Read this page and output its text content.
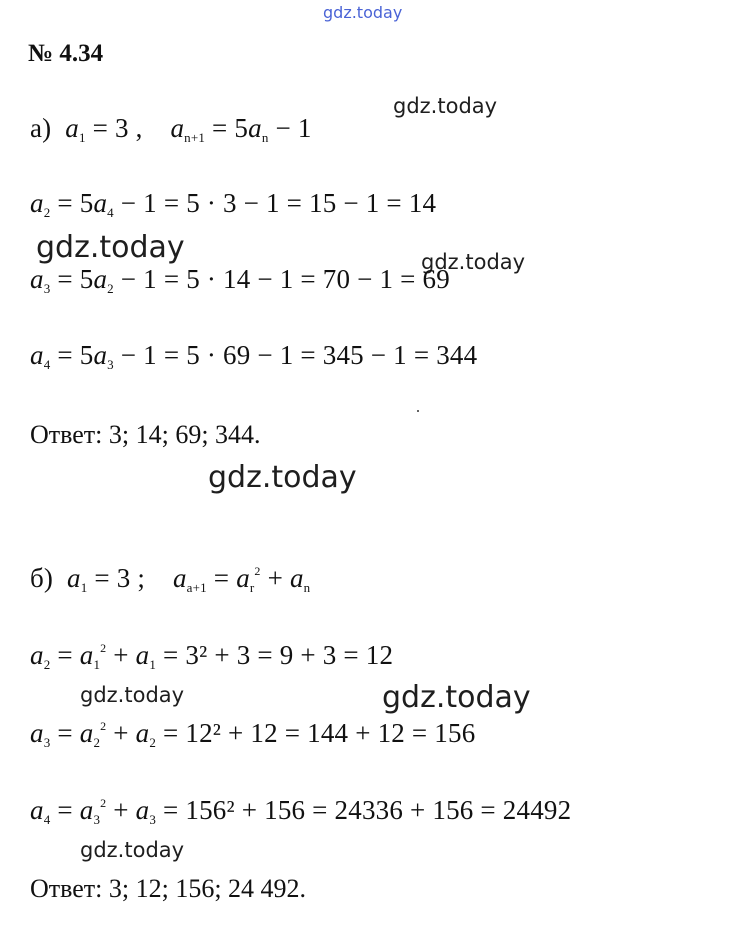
gdz.today
№ 4.34
gdz.today
а) $a_1 = 3$ , $a_{n+1} = 5a_n - 1$
$a_2 = 5a_4 - 1 = 5 \cdot 3 - 1 = 15 - 1 = 14$
gdz.today	gdz.today
$a_3 = 5a_2 - 1 = 5 \cdot 14 - 1 = 70 - 1 = 69$
$a_4 = 5a_3 - 1 = 5 \cdot 69 - 1 = 345 - 1 = 344$
Ответ: 3; 14; 69; 344.
gdz.today
б) $a_1 = 3$ ; $a_{a+1} = a_r^2 + a_n$
$a_2 = a_1^2 + a_1 = 3^2 + 3 = 9 + 3 = 12$
gdz.today	gdz.today
$a_3 = a_2^2 + a_2 = 12^2 + 12 = 144 + 12 = 156$
$a_4 = a_3^2 + a_3 = 156^2 + 156 = 24336 + 156 = 24492$
gdz.today
Ответ: 3; 12; 156; 24 492.
